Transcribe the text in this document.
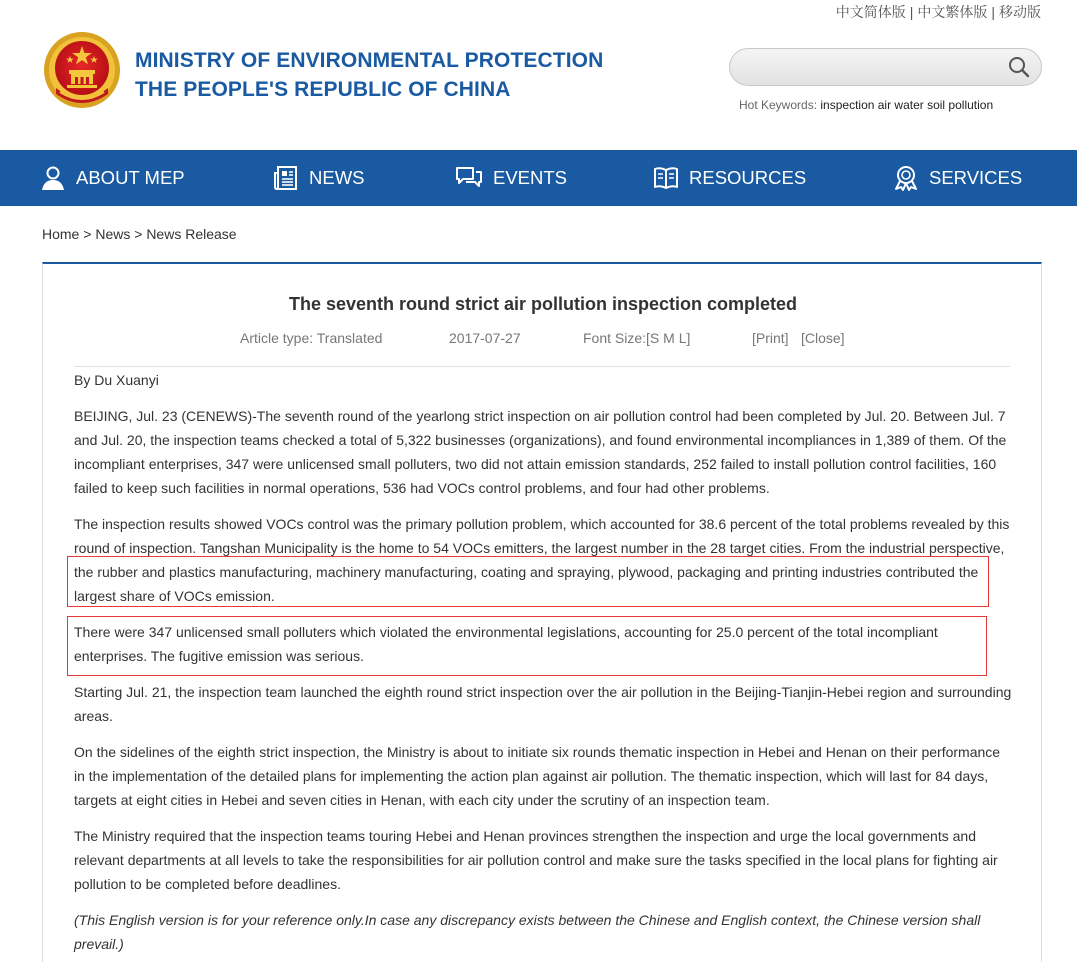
中文简体版 | 中文繁体版 | 移动版
MINISTRY OF ENVIRONMENTAL PROTECTION
THE PEOPLE'S REPUBLIC OF CHINA
Hot Keywords: inspection air water soil pollution
ABOUT MEP	NEWS	EVENTS	RESOURCES	SERVICES
Home > News > News Release
The seventh round strict air pollution inspection completed
Article type: Translated	2017-07-27	Font Size:[S M L]	[Print] [Close]
By Du Xuanyi
BEIJING, Jul. 23 (CENEWS)-The seventh round of the yearlong strict inspection on air pollution control had been completed by Jul. 20. Between Jul. 7 and Jul. 20, the inspection teams checked a total of 5,322 businesses (organizations), and found environmental incompliances in 1,389 of them. Of the incompliant enterprises, 347 were unlicensed small polluters, two did not attain emission standards, 252 failed to install pollution control facilities, 160 failed to keep such facilities in normal operations, 536 had VOCs control problems, and four had other problems.
The inspection results showed VOCs control was the primary pollution problem, which accounted for 38.6 percent of the total problems revealed by this round of inspection. Tangshan Municipality is the home to 54 VOCs emitters, the largest number in the 28 target cities. From the industrial perspective, the rubber and plastics manufacturing, machinery manufacturing, coating and spraying, plywood, packaging and printing industries contributed the largest share of VOCs emission.
There were 347 unlicensed small polluters which violated the environmental legislations, accounting for 25.0 percent of the total incompliant enterprises. The fugitive emission was serious.
Starting Jul. 21, the inspection team launched the eighth round strict inspection over the air pollution in the Beijing-Tianjin-Hebei region and surrounding areas.
On the sidelines of the eighth strict inspection, the Ministry is about to initiate six rounds thematic inspection in Hebei and Henan on their performance in the implementation of the detailed plans for implementing the action plan against air pollution. The thematic inspection, which will last for 84 days, targets at eight cities in Hebei and seven cities in Henan, with each city under the scrutiny of an inspection team.
The Ministry required that the inspection teams touring Hebei and Henan provinces strengthen the inspection and urge the local governments and relevant departments at all levels to take the responsibilities for air pollution control and make sure the tasks specified in the local plans for fighting air pollution to be completed before deadlines.
(This English version is for your reference only.In case any discrepancy exists between the Chinese and English context, the Chinese version shall prevail.)
